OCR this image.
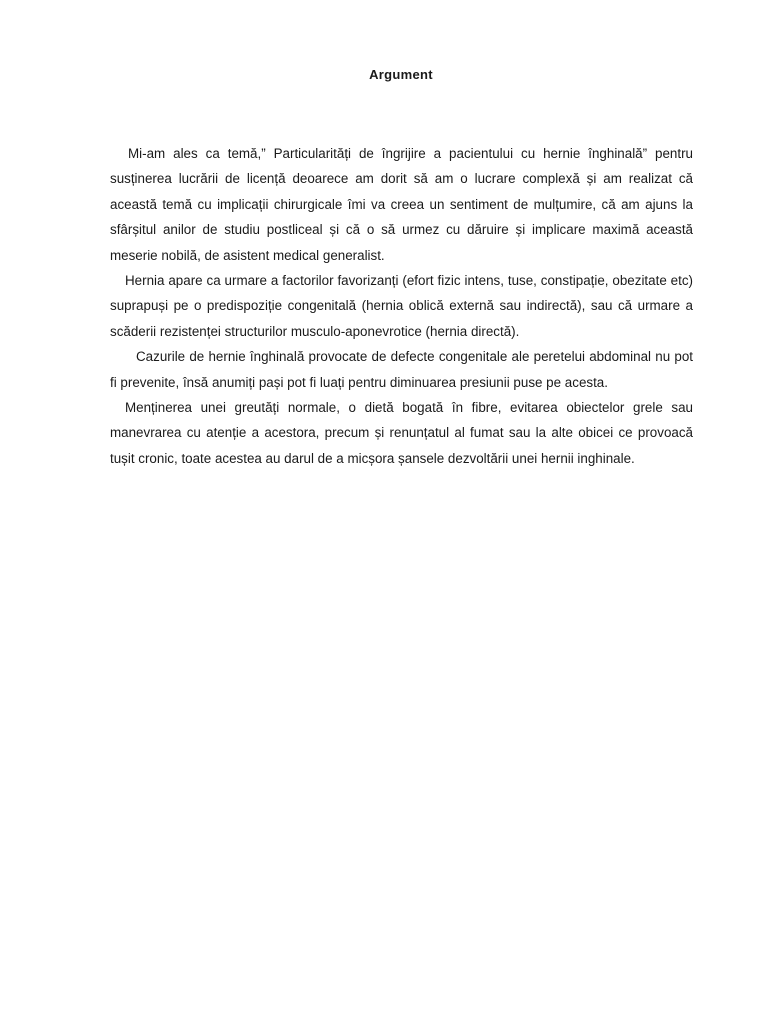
Argument

Mi-am ales ca temă,” Particularități de îngrijire a pacientului cu hernie înghinală” pentru susținerea lucrării de licență deoarece am dorit să am o lucrare complexă și am realizat că această temă cu implicații chirurgicale îmi va creea un sentiment de mulțumire, că am ajuns la sfârșitul anilor de studiu postliceal și că o să urmez cu dăruire și implicare maximă această meserie nobilă, de asistent medical generalist.

Hernia apare ca urmare a factorilor favorizanți (efort fizic intens, tuse, constipație, obezitate etc) suprapuși pe o predispoziție congenitală (hernia oblică externă sau indirectă), sau că urmare a scăderii rezistenței structurilor musculo-aponevrotice (hernia directă).

Cazurile de hernie înghinală provocate de defecte congenitale ale peretelui abdominal nu pot fi prevenite, însă anumiți pași pot fi luați pentru diminuarea presiunii puse pe acesta.

Menținerea unei greutăți normale, o dietă bogată în fibre, evitarea obiectelor grele sau manevrarea cu atenție a acestora, precum și renunțatul al fumat sau la alte obicei ce provoacă tușit cronic, toate acestea au darul de a micșora șansele dezvoltării unei hernii inghinale.
